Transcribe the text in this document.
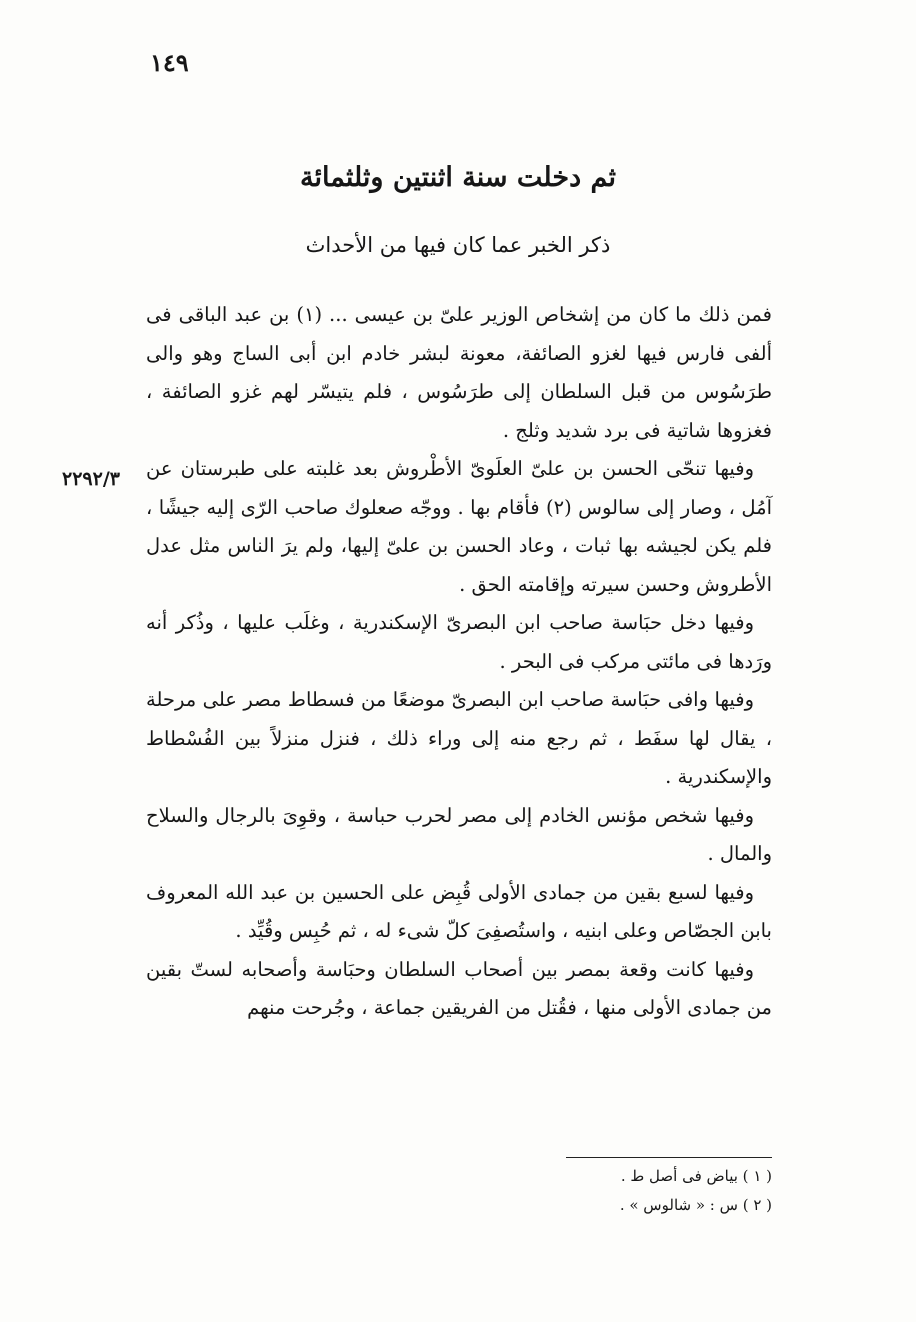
١٤٩
ثم دخلت سنة اثنتين وثلثمائة
ذكر الخبر عما كان فيها من الأحداث
٢٢٩٢/٣

فمن ذلك ما كان من إشخاص الوزير علىّ بن عيسى ... (١) بن عبد الباقى فى ألفى فارس فيها لغزو الصائفة، معونة لبشر خادم ابن أبى الساج وهو والى طرَسُوس من قبل السلطان إلى طرَسُوس ، فلم يتيسّر لهم غزو الصائفة ، فغزوها شاتية فى برد شديد وثلج .

وفيها تنحّى الحسن بن علىّ العلَوىّ الأطْروش بعد غلبته على طبرستان عن آمُل ، وصار إلى سالوس (٢) فأقام بها . ووجّه صعلوك صاحب الرّى إليه جيشًا ، فلم يكن لجيشه بها ثبات ، وعاد الحسن بن علىّ إليها، ولم يرَ الناس مثل عدل الأطروش وحسن سيرته وإقامته الحق .

وفيها دخل حبَاسة صاحب ابن البصرىّ الإسكندرية ، وغلَب عليها ، وذُكر أنه ورَدها فى مائتى مركب فى البحر .

وفيها وافى حبَاسة صاحب ابن البصرىّ موضعًا من فسطاط مصر على مرحلة ، يقال لها سفَط ، ثم رجع منه إلى وراء ذلك ، فنزل منزلاً بين الفُسْطاط والإسكندرية .

وفيها شخص مؤنس الخادم إلى مصر لحرب حباسة ، وقوِىَ بالرجال والسلاح والمال .

وفيها لسبع بقين من جمادى الأولى قُبِض على الحسين بن عبد الله المعروف بابن الجصّاص وعلى ابنيه ، واستُصفِىَ كلّ شىء له ، ثم حُبِس وقُيِّد .

وفيها كانت وقعة بمصر بين أصحاب السلطان وحبَاسة وأصحابه لستّ بقين من جمادى الأولى منها ، فقُتل من الفريقين جماعة ، وجُرحت منهم

( ١ ) بياض فى أصل ط .

( ٢ ) س : « شالوس » .
